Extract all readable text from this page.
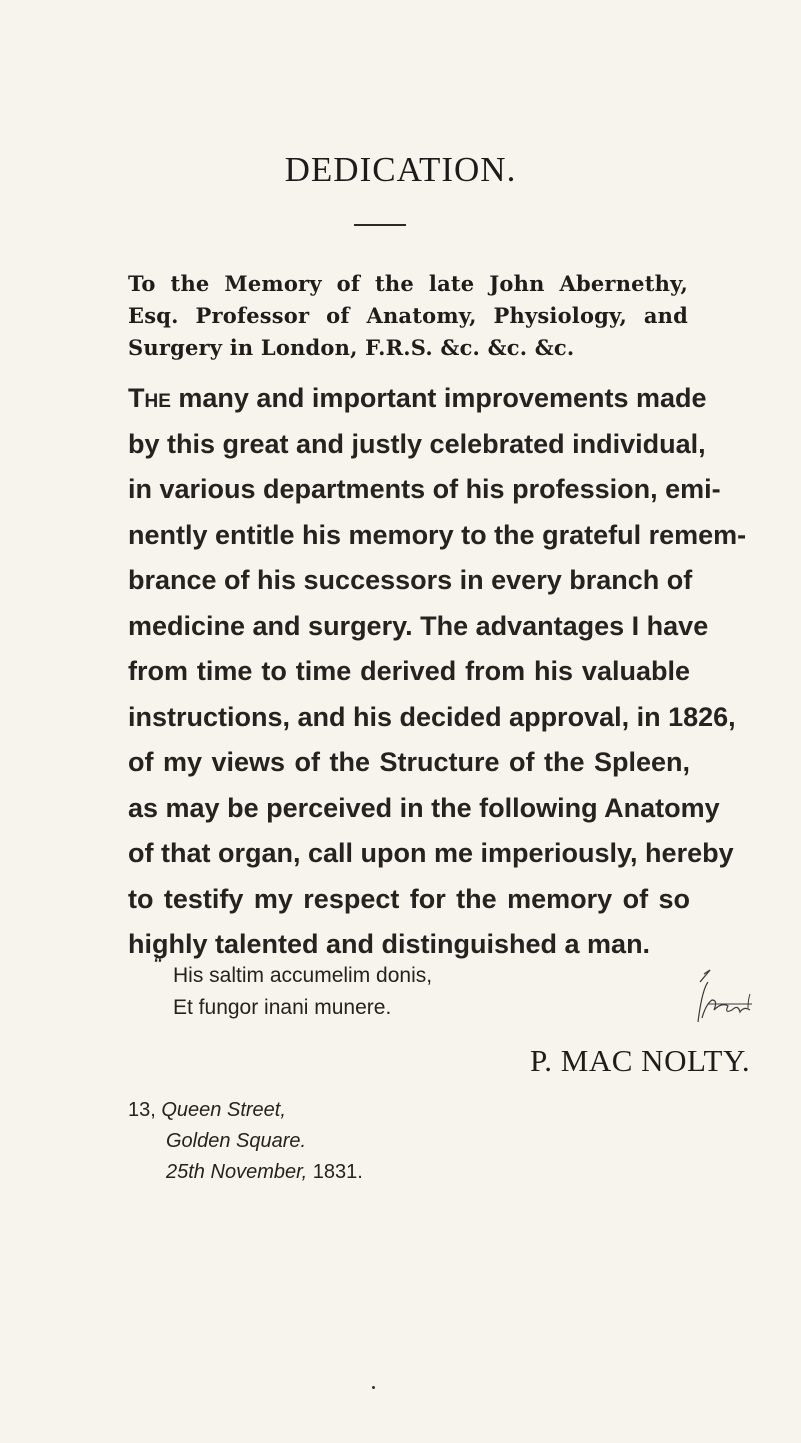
DEDICATION.
To the Memory of the late John Abernethy, Esq. Professor of Anatomy, Physiology, and Surgery in London, F.R.S. &c. &c. &c.
The many and important improvements made
by this great and justly celebrated individual,
in various departments of his profession, emi-
nently entitle his memory to the grateful remem-
brance of his successors in every branch of
medicine and surgery. The advantages I have
from time to time derived from his valuable
instructions, and his decided approval, in 1826,
of my views of the Structure of the Spleen,
as may be perceived in the following Anatomy
of that organ, call upon me imperiously, hereby
to testify my respect for the memory of so
highly talented and distinguished a man.
“ His saltim accumelim donis,
Et fungor inani munere.
P. MAC NOLTY.
13, Queen Street,
Golden Square.
25th November, 1831.
